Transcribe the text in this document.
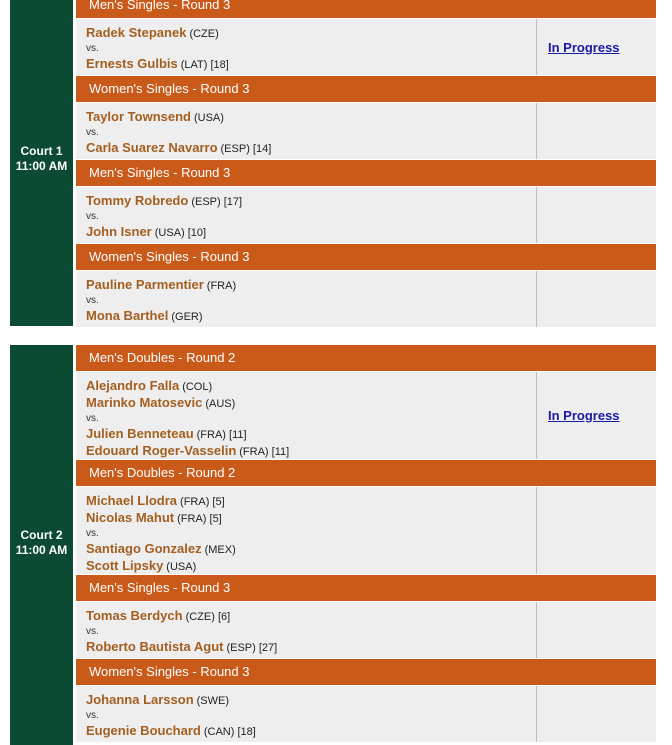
Court 1
11:00 AM
Men's Singles - Round 3
Radek Stepanek (CZE)
vs.
Ernests Gulbis (LAT) [18]
In Progress
Women's Singles - Round 3
Taylor Townsend (USA)
vs.
Carla Suarez Navarro (ESP) [14]
Men's Singles - Round 3
Tommy Robredo (ESP) [17]
vs.
John Isner (USA) [10]
Women's Singles - Round 3
Pauline Parmentier (FRA)
vs.
Mona Barthel (GER)
Court 2
11:00 AM
Men's Doubles - Round 2
Alejandro Falla (COL)
Marinko Matosevic (AUS)
vs.
Julien Benneteau (FRA) [11]
Edouard Roger-Vasselin (FRA) [11]
In Progress
Men's Doubles - Round 2
Michael Llodra (FRA) [5]
Nicolas Mahut (FRA) [5]
vs.
Santiago Gonzalez (MEX)
Scott Lipsky (USA)
Men's Singles - Round 3
Tomas Berdych (CZE) [6]
vs.
Roberto Bautista Agut (ESP) [27]
Women's Singles - Round 3
Johanna Larsson (SWE)
vs.
Eugenie Bouchard (CAN) [18]
